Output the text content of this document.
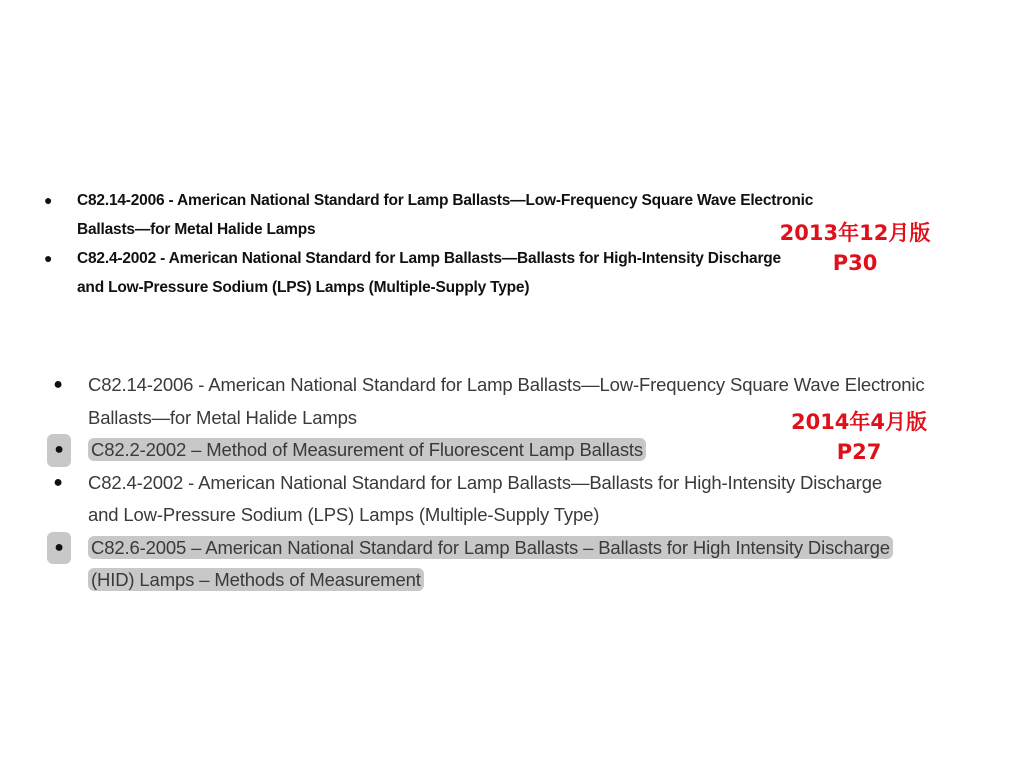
● C82.14-2006 - American National Standard for Lamp Ballasts—Low-Frequency Square Wave Electronic Ballasts—for Metal Halide Lamps
● C82.4-2002 - American National Standard for Lamp Ballasts—Ballasts for High-Intensity Discharge and Low-Pressure Sodium (LPS) Lamps (Multiple-Supply Type)
2013年12月版
P30
● C82.14-2006 - American National Standard for Lamp Ballasts—Low-Frequency Square Wave Electronic Ballasts—for Metal Halide Lamps
●	C82.2-2002 – Method of Measurement of Fluorescent Lamp Ballasts
● C82.4-2002 - American National Standard for Lamp Ballasts—Ballasts for High-Intensity Discharge and Low-Pressure Sodium (LPS) Lamps (Multiple-Supply Type)
●	C82.6-2005 – American National Standard for Lamp Ballasts – Ballasts for High Intensity Discharge (HID) Lamps – Methods of Measurement
2014年4月版
P27
